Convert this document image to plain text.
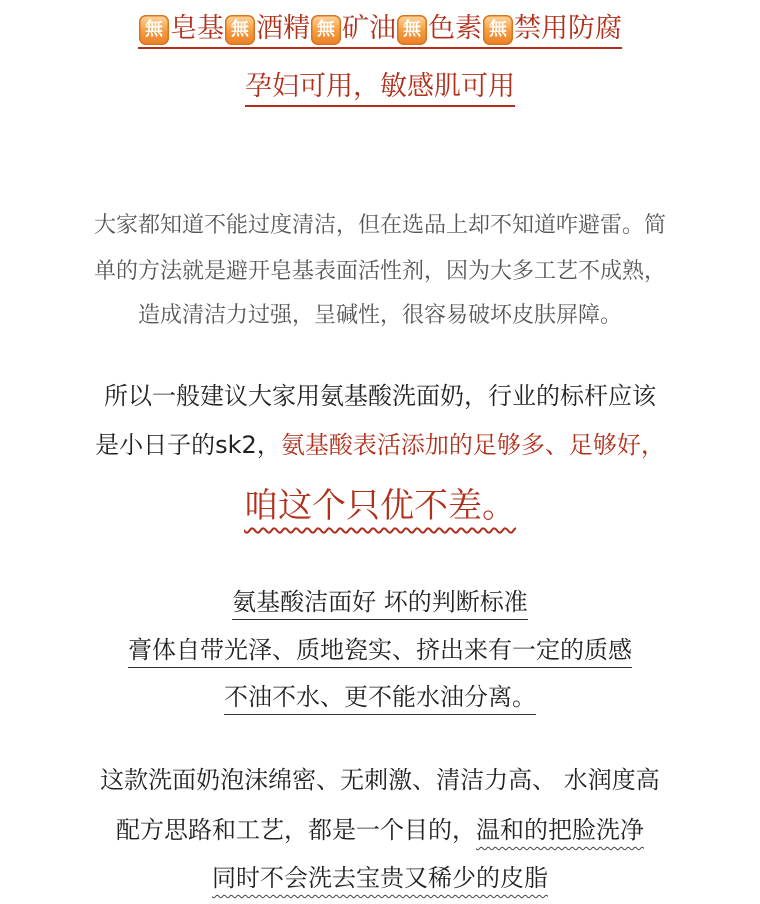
無 皂基 無 酒精 無 矿油 無 色素 無 禁用防腐
孕妇可用，敏感肌可用
大家都知道不能过度清洁，但在选品上却不知道咋避雷。简
单的方法就是避开皂基表面活性剂，因为大多工艺不成熟，
造成清洁力过强，呈碱性，很容易破坏皮肤屏障。
所以一般建议大家用氨基酸洗面奶，行业的标杆应该
是小日子的sk2，氨基酸表活添加的足够多、足够好，
咱这个只优不差。
氨基酸洁面好 坏的判断标准
膏体自带光泽、质地瓷实、挤出来有一定的质感
不油不水、更不能水油分离。
这款洗面奶泡沫绵密、无刺激、清洁力高、 水润度高
配方思路和工艺，都是一个目的，温和的把脸洗净
同时不会洗去宝贵又稀少的皮脂
